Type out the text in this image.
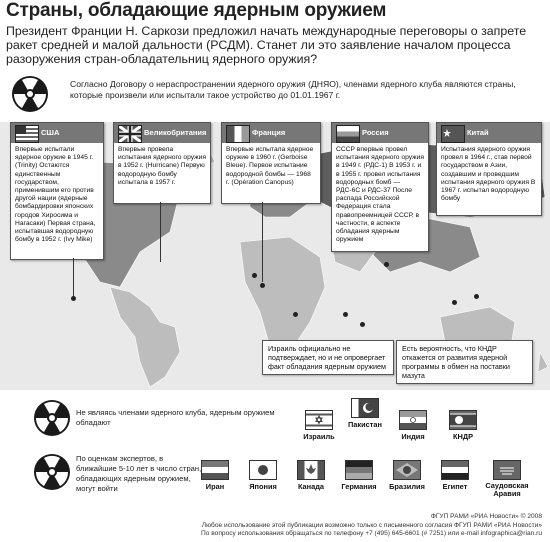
Страны, обладающие ядерным оружием
Президент Франции Н. Саркози предложил начать международные переговоры о запрете ракет средней и малой дальности (РСДМ). Станет ли это заявление началом процесса разоружения стран-обладательниц ядерного оружия?
Согласно Договору о нераспространении ядерного оружия (ДНЯО), членами ядерного клуба являются страны, которые произвели или испытали такое устройство до 01.01.1967 г.
США
Впервые испытали ядерное оружие в 1945 г. (Trinity) Остаются единственным государством, применившим его против другой нации (ядерные бомбардировки японских городов Хиросима и Нагасаки) Первая страна, испытавшая водородную бомбу в 1952 г. (Ivy Mike)
Великобритания
Впервые провела испытания ядерного оружия в 1952 г. (Hurricane) Первую водородную бомбу испытала в 1957 г.
Франция
Впервые испытала ядерное оружие в 1960 г. (Gerboise Bleue). Первое испытание водородной бомбы — 1968 г. (Opération Canopus)
Россия
СССР впервые провел испытания ядерного оружия в 1949 г. (РДС-1) В 1953 г. и в 1955 г. провел испытания водородных бомб — РДС-6С и РДС-37 После распада Российской Федерация стала правопреемницей СССР, в частности, в аспекте обладания ядерным оружием
Китай
Испытания ядерного оружия провел в 1964 г., став первой государством в Азии, создавшим и проведшим испытания ядерного оружия В 1967 г. испытал водородную бомбу
Израиль официально не подтверждает, но и не опровергает факт обладания ядерным оружием
Есть вероятность, что КНДР откажется от развития ядерной программы в обмен на поставки мазута
Не являясь членами ядерного клуба, ядерным оружием обладают
Израиль
Пакистан
Индия	КНДР
По оценкам экспертов, в ближайшие 5-10 лет в число стран, обладающих ядерным оружием, могут войти	Иран	Япония	Канада	Германия	Бразилия	Египет	Саудовская Аравия
ФГУП РАМИ «РИА Новости» © 2008
Любое использование этой публикации возможно только с письменного согласия ФГУП РАМИ «РИА Новости»
По вопросу использования обращаться по телефону +7 (495) 645-6601 (# 7251) или e-mail infographica@rian.ru
